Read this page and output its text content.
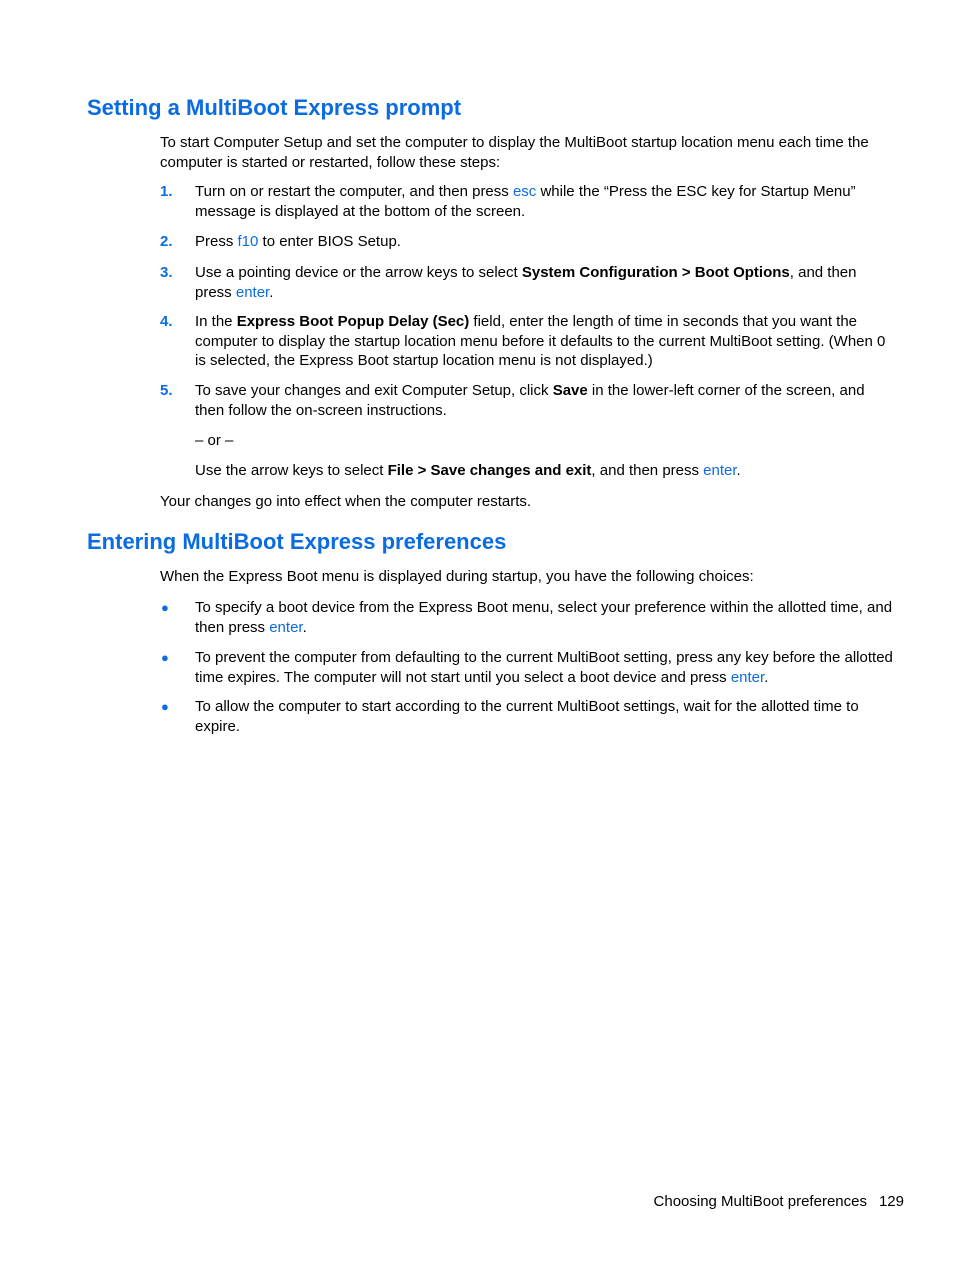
Setting a MultiBoot Express prompt

To start Computer Setup and set the computer to display the MultiBoot startup location menu each time the computer is started or restarted, follow these steps:

1. Turn on or restart the computer, and then press esc while the “Press the ESC key for Startup Menu” message is displayed at the bottom of the screen.

2. Press f10 to enter BIOS Setup.

3. Use a pointing device or the arrow keys to select System Configuration > Boot Options, and then press enter.

4. In the Express Boot Popup Delay (Sec) field, enter the length of time in seconds that you want the computer to display the startup location menu before it defaults to the current MultiBoot setting. (When 0 is selected, the Express Boot startup location menu is not displayed.)

5. To save your changes and exit Computer Setup, click Save in the lower-left corner of the screen, and then follow the on-screen instructions.

– or –

Use the arrow keys to select File > Save changes and exit, and then press enter.

Your changes go into effect when the computer restarts.

Entering MultiBoot Express preferences

When the Express Boot menu is displayed during startup, you have the following choices:

● To specify a boot device from the Express Boot menu, select your preference within the allotted time, and then press enter.

● To prevent the computer from defaulting to the current MultiBoot setting, press any key before the allotted time expires. The computer will not start until you select a boot device and press enter.

● To allow the computer to start according to the current MultiBoot settings, wait for the allotted time to expire.

Choosing MultiBoot preferences 129
